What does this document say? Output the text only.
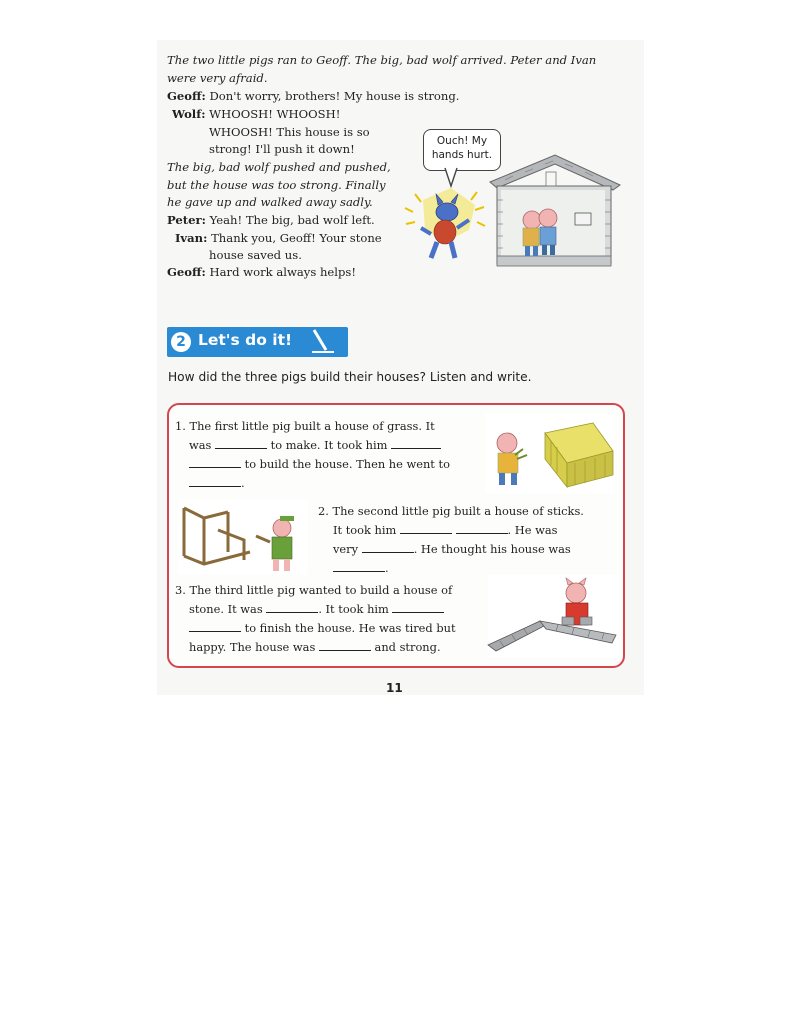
The two little pigs ran to Geoff. The big, bad wolf arrived. Peter and Ivan
were very afraid.
Geoff: Don't worry, brothers! My house is strong.
Wolf: WHOOSH! WHOOSH!
WHOOSH! This house is so
strong! I'll push it down!
The big, bad wolf pushed and pushed,
but the house was too strong. Finally
he gave up and walked away sadly.
Peter: Yeah! The big, bad wolf left.
Ivan: Thank you, Geoff! Your stone
house saved us.
Geoff: Hard work always helps!
Ouch! My
hands hurt.
2 Let's do it!
How did the three pigs build their houses? Listen and write.
1. The first little pig built a house of grass. It
was	to make. It took him
to build the house. Then he went to
.
2. The second little pig built a house of sticks.
It took him	. He was
very	. He thought his house was
.
3. The third little pig wanted to build a house of
stone. It was	. It took him
to finish the house. He was tired but
happy. The house was	and strong.
11
